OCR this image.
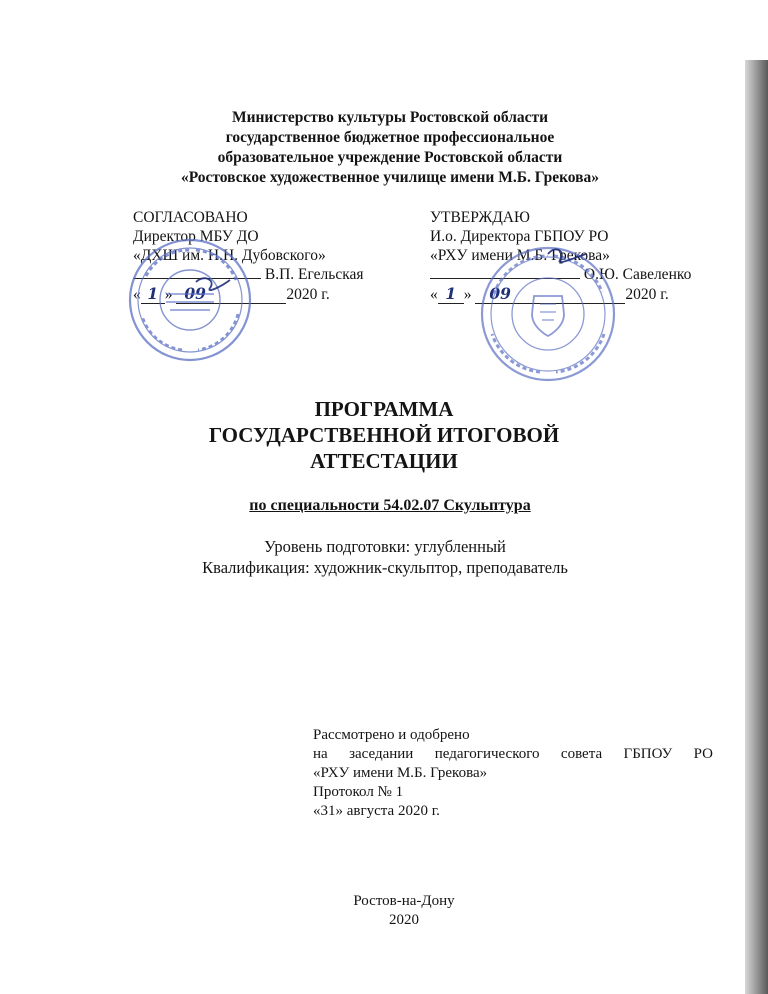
Министерство культуры Ростовской области
государственное бюджетное профессиональное
образовательное учреждение Ростовской области
«Ростовское художественное училище имени М.Б. Грекова»
СОГЛАСОВАНО
Директор МБУ ДО
«ДХШ им. Н.Н. Дубовского»
В.П. Егельская
« 1 » 09	2020 г.
УТВЕРЖДАЮ
И.о. Директора ГБПОУ РО
«РХУ имени М.Б. Грекова»
О.Ю. Савеленко
« 1 » 09	2020 г.
ПРОГРАММА
ГОСУДАРСТВЕННОЙ ИТОГОВОЙ
АТТЕСТАЦИИ
по специальности 54.02.07 Скульптура
Уровень подготовки: углубленный
Квалификация: художник-скульптор, преподаватель
Рассмотрено и одобрено
на заседании педагогического совета ГБПОУ РО
«РХУ имени М.Б. Грекова»
Протокол № 1
«31» августа 2020 г.
Ростов-на-Дону
2020
